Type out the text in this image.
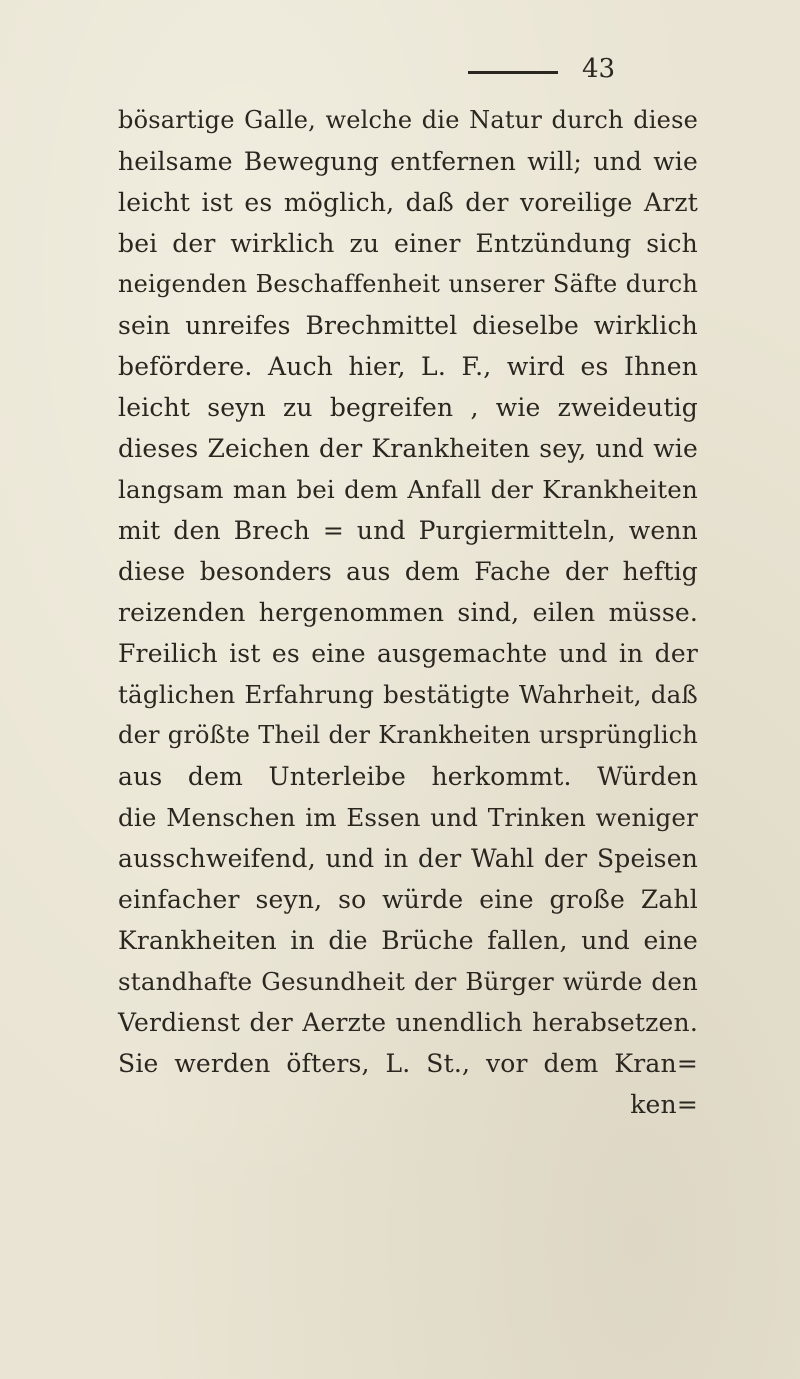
43
bösartige Galle, welche die Natur durch diese
heilsame Bewegung entfernen will; und wie
leicht ist es möglich, daß der voreilige Arzt
bei der wirklich zu einer Entzündung sich
neigenden Beschaffenheit unserer Säfte durch
sein unreifes Brechmittel dieselbe wirklich
befördere. Auch hier, L. F., wird es Ihnen
leicht seyn zu begreifen , wie zweideutig
dieses Zeichen der Krankheiten sey, und wie
langsam man bei dem Anfall der Krankheiten
mit den Brech = und Purgiermitteln, wenn
diese besonders aus dem Fache der heftig
reizenden hergenommen sind, eilen müsse.
Freilich ist es eine ausgemachte und in der
täglichen Erfahrung bestätigte Wahrheit, daß
der größte Theil der Krankheiten ursprünglich
aus dem Unterleibe herkommt. Würden
die Menschen im Essen und Trinken weniger
ausschweifend, und in der Wahl der Speisen
einfacher seyn, so würde eine große Zahl
Krankheiten in die Brüche fallen, und eine
standhafte Gesundheit der Bürger würde den
Verdienst der Aerzte unendlich herabsetzen.
Sie werden öfters, L. St., vor dem Kran=
ken=
